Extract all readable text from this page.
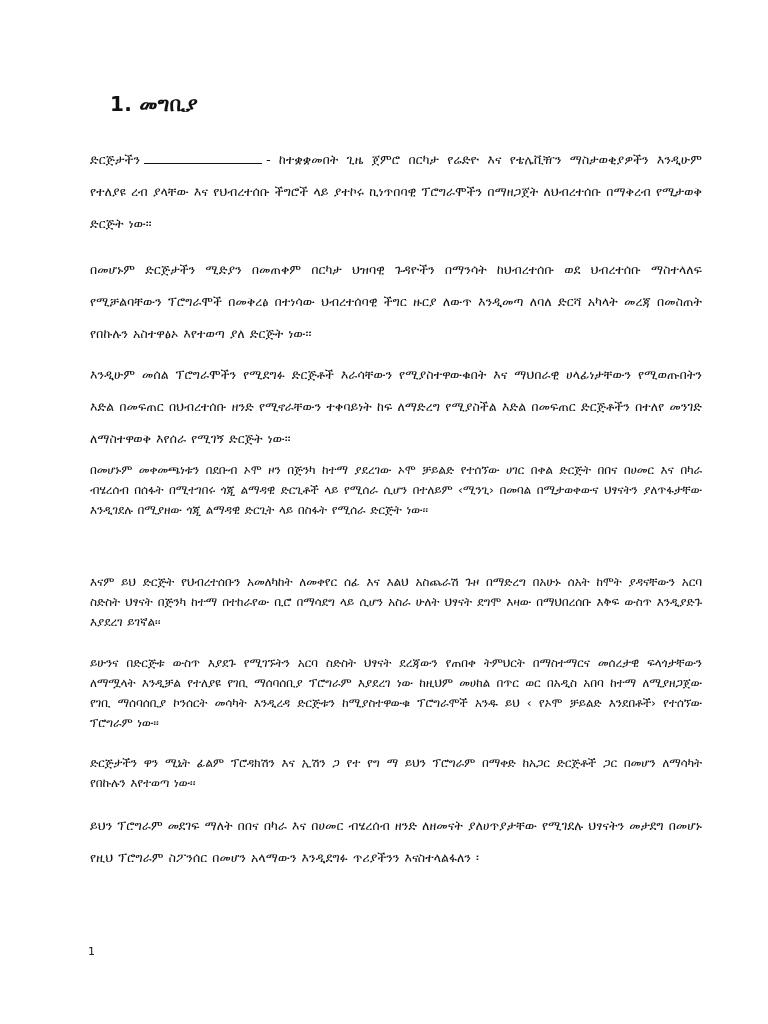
1. መግቢያ

ድርጅታችን	- ከተቋቋመበት ጊዜ ጀምሮ በርካታ የሬድዮ እና የቴሌቪዥን ማስታወቂያዎችን እንዲሁም የተለያዩ ረብ ያላቸው እና የህብረተሰቡ ችግሮች ላይ ያተኮሩ ኪነጥበባዊ ፕሮግራሞችን በማዘጋጀት ለህብረተሰቡ በማቅረብ የሚታወቅ ድርጅት ነው፡፡

በመሆኑም ድርጅታችን ሚድያን በመጠቀም በርካታ ህዝባዊ ጉዳዮችን በማንሳት ከህብረተሰቡ ወደ ህብረተሰቡ ማስተላለፍ የሚቻልባቸውን ፕሮግራሞች በመቅረፅ በተነሳው ህብረተሰባዊ ችግር ዙርያ ለውጥ እንዲመጣ ለባለ ድርሻ አካላት መረጃ በመስጠት የበኩሉን አስተዋፅኦ እየተወጣ ያለ ድርጅት ነው፡፡

እንዲሁም መሰል ፕሮግራሞችን የሚደግፉ ድርጅቶች እራሳቸውን የሚያስተዋውቁበት እና ማህበራዊ ሀላፊነታቸውን የሚወጡበትን እድል በመፍጠር በህብረተሰቡ ዘንድ የሚኖራቸውን ተቀባይነት ከፍ ለማድረግ የሚያስችል እድል በመፍጠር ድርጅቶችን በተለየ መንገድ ለማስተዋወቅ እየሰራ የሚገኝ ድርጅት ነው፡፡

በመሆኑም መቀመጫነቱን በደቡብ ኦሞ ዞን በጅንካ ከተማ ያደረገው ኦሞ ቻይልድ የተሰኘው ሀገር በቀል ድርጅት በበና በሀመር እና በካራ ብሄረሰብ በሰፋት በሚተገበሩ ጎጂ ልማዳዊ ድርጊቶች ላይ የሚሰራ ሲሆን በተለይም ‹ሚንጊ› በመባል በሚታወቀውና ህፃናትን ያለጥፋታቸው እንዲገደሉ በሚያዘው ጎጂ ልማዳዊ ድርጊት ላይ በስፋት የሚሰራ ድርጅት ነው፡፡

እናም ይህ ድርጅት የህብረተሰቡን አመለካከት ለመቀየር ሰፊ እና እልህ አስጨራሽ ጉዞ በማድረግ በአሁኑ ሰአት ከሞት ያዳናቸውን አርባ ስድስት ህፃናት በጅንካ ከተማ በተከራየው ቢሮ በማሳደግ ላይ ሲሆን አስራ ሁለት ህፃናት ደግሞ እዛው በማህበረሰቡ እቅፍ ውስጥ እንዲያድጉ እያደረገ ይገኛል፡፡

ይሁንና በድርጅቱ ውስጥ እያደጉ የሚገኙትን አርባ ስድስት ህፃናት ደረጃውን የጠበቀ ትምህርት በማስተማርና መሰረታዊ ፍላጎታቸውን ለማሟላት እንዲቻል የተለያዩ የገቢ ማሰባሰቢያ ፕሮግራም እያደረገ ነው ከዚህም መሀከል በጥር ወር በአዲስ አበባ ከተማ ለሚያዘጋጀው የገቢ ማሰባሰቢያ ኮንሰርት መሳካት እንዲረዳ ድርጅቱን ከሚያስተዋውቁ ፕሮግራሞች አንዱ ይህ ‹ የኦሞ ቻይልድ እንደበቶች› የተሰኘው ፕሮግራም ነው፡፡

ድርጅታችን ዋን ሚኒት ፊልም ፕሮዳክሽን እና ኢሽን ጋ የተ የግ ማ ይህን ፕሮግራም በማቀድ ከአጋር ድርጅቶች ጋር በመሆን ለማሳካት የበኩሉን እየተወጣ ነው፡፡

ይህን ፕሮግራም መደገፍ ማለት በበና በካራ እና በሀመር ብሄረሰብ ዘንድ ለዘመናት ያለሀጥያታቸው የሚገደሉ ህፃናትን መታደግ በመሆኑ የዚህ ፕሮግራም ስፖንሰር በመሆን አላማውን እንዲደግፉ ጥሪያችንን እናስተላልፋለን ፡

1
